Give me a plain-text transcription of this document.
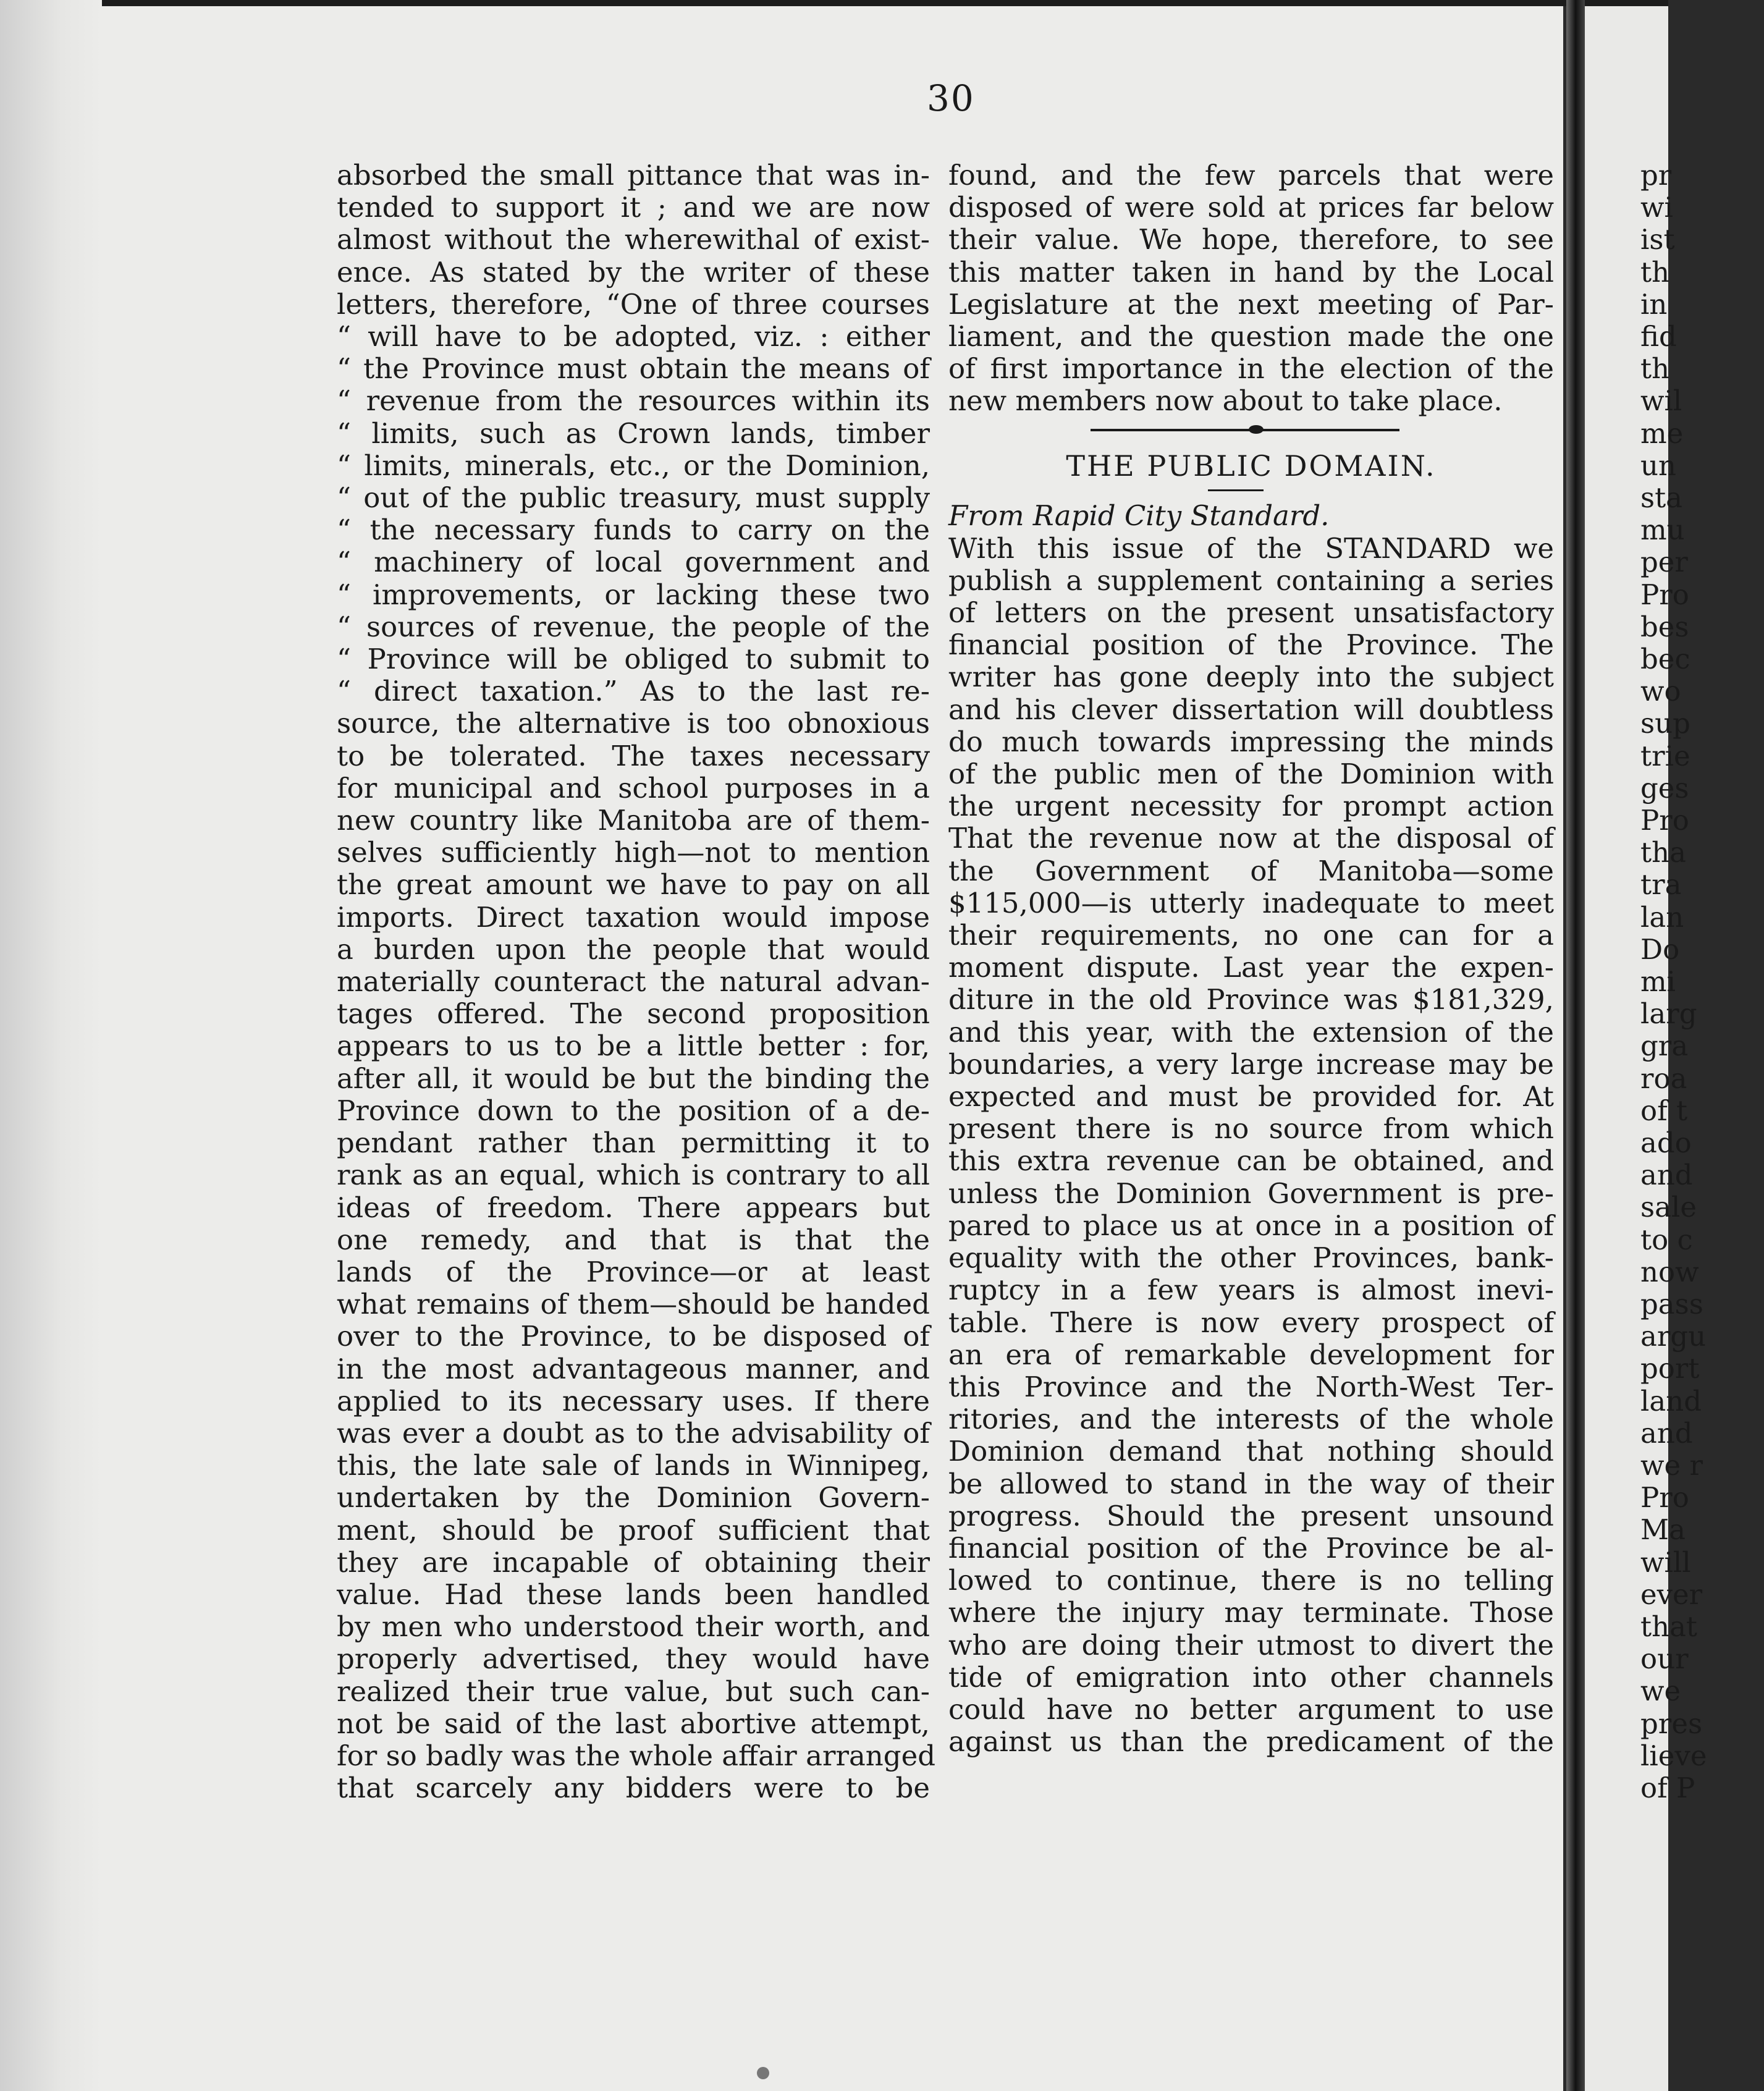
30
absorbed the small pittance that was in-
tended to support it ; and we are now
almost without the wherewithal of exist-
ence. As stated by the writer of these
letters, therefore, “One of three courses
“ will have to be adopted, viz. : either
“ the Province must obtain the means of
“ revenue from the resources within its
“ limits, such as Crown lands, timber
“ limits, minerals, etc., or the Dominion,
“ out of the public treasury, must supply
“ the necessary funds to carry on the
“ machinery of local government and
“ improvements, or lacking these two
“ sources of revenue, the people of the
“ Province will be obliged to submit to
“ direct taxation.” As to the last re-
source, the alternative is too obnoxious
to be tolerated. The taxes necessary
for municipal and school purposes in a
new country like Manitoba are of them-
selves sufficiently high—not to mention
the great amount we have to pay on all
imports. Direct taxation would impose
a burden upon the people that would
materially counteract the natural advan-
tages offered. The second proposition
appears to us to be a little better : for,
after all, it would be but the binding the
Province down to the position of a de-
pendant rather than permitting it to
rank as an equal, which is contrary to all
ideas of freedom. There appears but
one remedy, and that is that the
lands of the Province—or at least
what remains of them—should be handed
over to the Province, to be disposed of
in the most advantageous manner, and
applied to its necessary uses. If there
was ever a doubt as to the advisability of
this, the late sale of lands in Winnipeg,
undertaken by the Dominion Govern-
ment, should be proof sufficient that
they are incapable of obtaining their
value. Had these lands been handled
by men who understood their worth, and
properly advertised, they would have
realized their true value, but such can-
not be said of the last abortive attempt,
for so badly was the whole affair arranged
that scarcely any bidders were to be
found, and the few parcels that were
disposed of were sold at prices far below
their value. We hope, therefore, to see
this matter taken in hand by the Local
Legislature at the next meeting of Par-
liament, and the question made the one
of first importance in the election of the
new members now about to take place.
THE PUBLIC DOMAIN.
From Rapid City Standard.
With this issue of the STANDARD we
publish a supplement containing a series
of letters on the present unsatisfactory
financial position of the Province. The
writer has gone deeply into the subject
and his clever dissertation will doubtless
do much towards impressing the minds
of the public men of the Dominion with
the urgent necessity for prompt action
That the revenue now at the disposal of
the Government of Manitoba—some
$115,000—is utterly inadequate to meet
their requirements, no one can for a
moment dispute. Last year the expen-
diture in the old Province was $181,329,
and this year, with the extension of the
boundaries, a very large increase may be
expected and must be provided for. At
present there is no source from which
this extra revenue can be obtained, and
unless the Dominion Government is pre-
pared to place us at once in a position of
equality with the other Provinces, bank-
ruptcy in a few years is almost inevi-
table. There is now every prospect of
an era of remarkable development for
this Province and the North-West Ter-
ritories, and the interests of the whole
Dominion demand that nothing should
be allowed to stand in the way of their
progress. Should the present unsound
financial position of the Province be al-
lowed to continue, there is no telling
where the injury may terminate. Those
who are doing their utmost to divert the
tide of emigration into other channels
could have no better argument to use
against us than the predicament of the
pr
wi
ist
th
in
fid
th
wil
me
un
sta
mu
per
Pro
bes
bec
wo
sup
trie
ges
Pro
tha
tra
lan
Do
mi
larg
gra
roa
of t
ado
and
sale
to c
now
pass
argu
port
land
and
we r
Pro
Ma
will
ever
that
our
we
pres
lieve
of P
